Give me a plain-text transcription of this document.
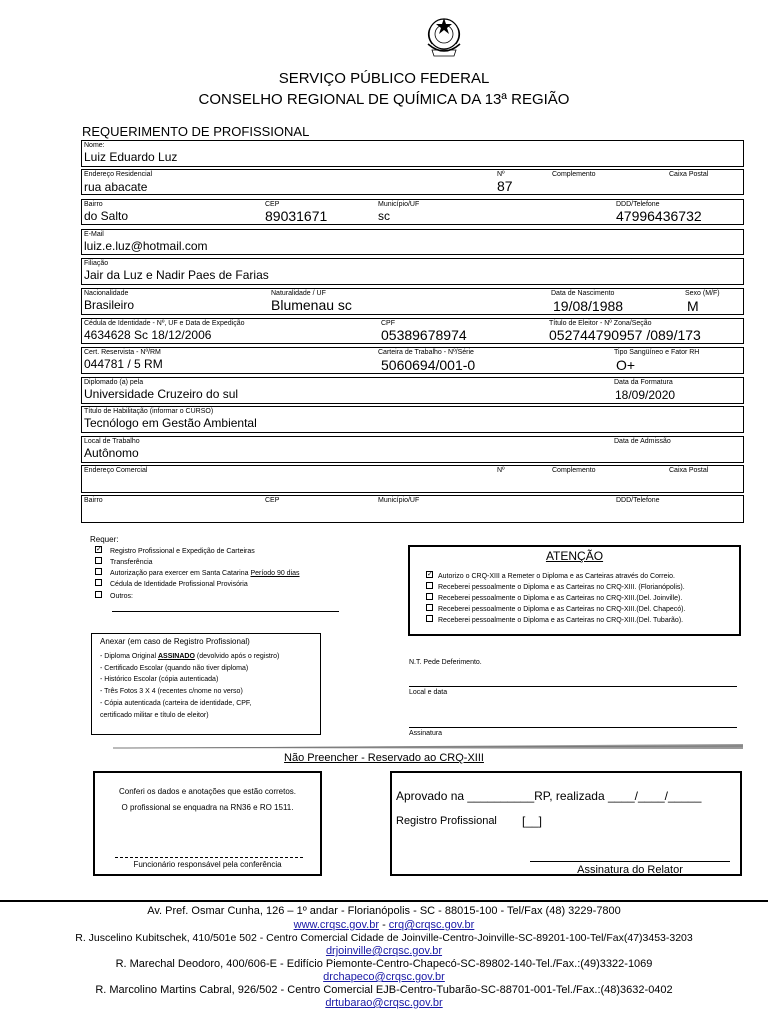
SERVIÇO PÚBLICO FEDERAL
CONSELHO REGIONAL DE QUÍMICA DA 13ª REGIÃO
REQUERIMENTO DE PROFISSIONAL
Nome:
Luiz Eduardo Luz
Endereço Residencial
rua abacate
Nº
87
Complemento	Caixa Postal
Bairro
do Salto
CEP
89031671
Município/UF
sc
DDD/Telefone
47996436732
E-Mail
luiz.e.luz@hotmail.com
Filiação
Jair da Luz e Nadir Paes de Farias
Nacionalidade
Brasileiro
Naturalidade / UF
Blumenau sc
Data de Nascimento
19/08/1988
Sexo (M/F)
M
Cédula de Identidade - Nº, UF e Data de Expedição
4634628 Sc 18/12/2006
CPF
05389678974
Título de Eleitor - Nº Zona/Seção
052744790957 /089/173
Cert. Reservista - Nº/RM
044781 / 5 RM
Carteira de Trabalho - Nº/Série
5060694/001-0
Tipo Sangüíneo e Fator RH
O+
Diplomado (a) pela
Universidade Cruzeiro do sul
Data da Formatura
18/09/2020
Título de Habilitação (informar o CURSO)
Tecnólogo em Gestão Ambiental
Local de Trabalho
Autônomo
Data de Admissão
Endereço Comercial	Nº	Complemento	Caixa Postal
Bairro	CEP	Município/UF	DDD/Telefone
Requer:
✓ Registro Profissional e Expedição de Carteiras
Transferência
Autorização para exercer em Santa Catarina Período 90 dias
Cédula de Identidade Profissional Provisória
Outros:
ATENÇÃO
✓ Autorizo o CRQ-XIII a Remeter o Diploma e as Carteiras através do Correio.
Receberei pessoalmente o Diploma e as Carteiras no CRQ-XIII. (Florianópolis).
Receberei pessoalmente o Diploma e as Carteiras no CRQ-XIII.(Del. Joinville).
Receberei pessoalmente o Diploma e as Carteiras no CRQ-XIII.(Del. Chapecó).
Receberei pessoalmente o Diploma e as Carteiras no CRQ-XIII.(Del. Tubarão).
Anexar (em caso de Registro Profissional)
- Diploma Original ASSINADO (devolvido após o registro)
- Certificado Escolar (quando não tiver diploma)
- Histórico Escolar (cópia autenticada)
- Três Fotos 3 X 4 (recentes c/nome no verso)
- Cópia autenticada (carteira de identidade, CPF,
certificado militar e título de eleitor)
N.T. Pede Deferimento.
Local e data
Assinatura
Não Preencher - Reservado ao CRQ-XIII
Conferi os dados e anotações que estão corretos.
O profissional se enquadra na RN36 e RO 1511.
Funcionário responsável pela conferência
Aprovado na __________RP, realizada ____/____/_____
Registro Profissional [__]
Assinatura do Relator
Av. Pref. Osmar Cunha, 126 – 1º andar - Florianópolis - SC - 88015-100 - Tel/Fax (48) 3229-7800
www.crqsc.gov.br - crq@crqsc.gov.br
R. Juscelino Kubitschek, 410/501e 502 - Centro Comercial Cidade de Joinville-Centro-Joinville-SC-89201-100-Tel/Fax(47)3453-3203
drjoinville@crqsc.gov.br
R. Marechal Deodoro, 400/606-E - Edifício Piemonte-Centro-Chapecó-SC-89802-140-Tel./Fax.:(49)3322-1069
drchapeco@crqsc.gov.br
R. Marcolino Martins Cabral, 926/502 - Centro Comercial EJB-Centro-Tubarão-SC-88701-001-Tel./Fax.:(48)3632-0402
drtubarao@crqsc.gov.br
